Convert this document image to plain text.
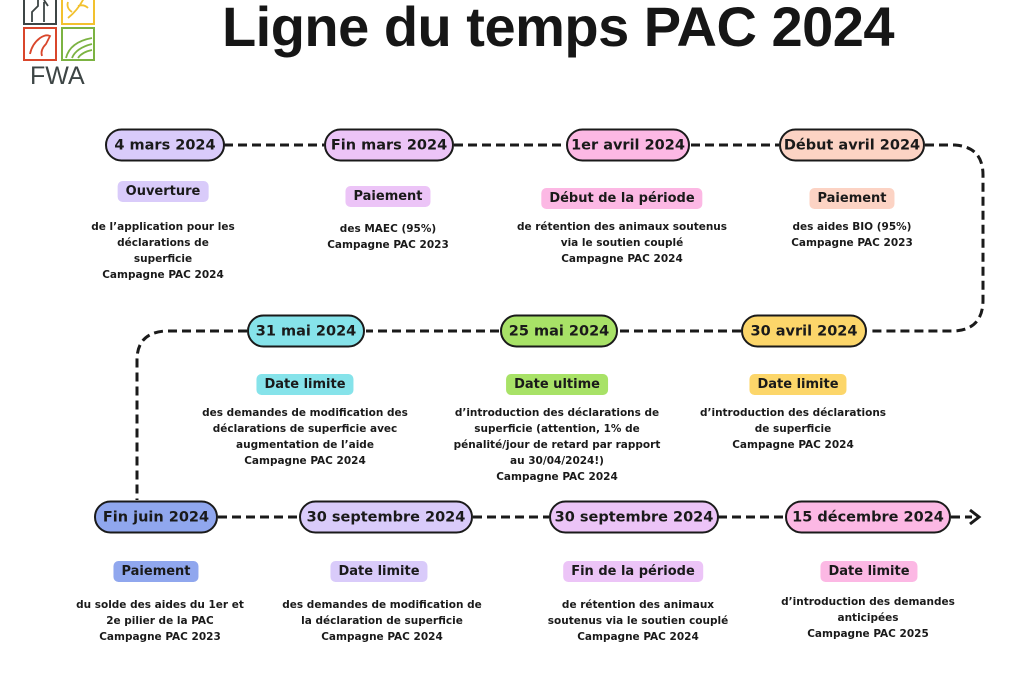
FWA
Ligne du temps PAC 2024
4 mars 2024
Ouverture
de l’application pour les
déclarations de
superficie
Campagne PAC 2024
Fin mars 2024
Paiement
des MAEC (95%)
Campagne PAC 2023
1er avril 2024
Début de la période
de rétention des animaux soutenus
via le soutien couplé
Campagne PAC 2024
Début avril 2024
Paiement
des aides BIO (95%)
Campagne PAC 2023
30 avril 2024
Date limite
d’introduction des déclarations
de superficie
Campagne PAC 2024
25 mai 2024
Date ultime
d’introduction des déclarations de
superficie (attention, 1% de
pénalité/jour de retard par rapport
au 30/04/2024!)
Campagne PAC 2024
31 mai 2024
Date limite
des demandes de modification des
déclarations de superficie avec
augmentation de l’aide
Campagne PAC 2024
Fin juin 2024
Paiement
du solde des aides du 1er et
2e pilier de la PAC
Campagne PAC 2023
30 septembre 2024
Date limite
des demandes de modification de
la déclaration de superficie
Campagne PAC 2024
30 septembre 2024
Fin de la période
de rétention des animaux
soutenus via le soutien couplé
Campagne PAC 2024
15 décembre 2024
Date limite
d’introduction des demandes
anticipées
Campagne PAC 2025
